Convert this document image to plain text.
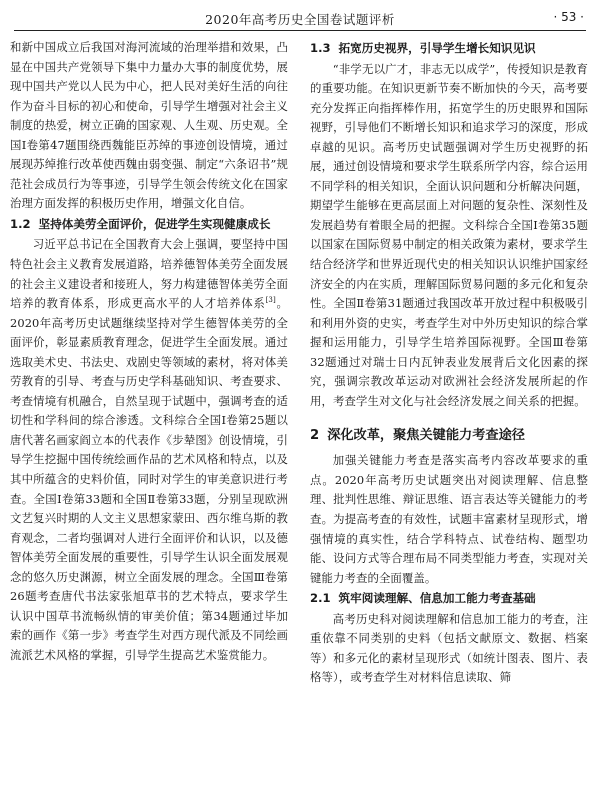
2020年高考历史全国卷试题评析	· 53 ·

和新中国成立后我国对海河流域的治理举措和效果，凸显在中国共产党领导下集中力量办大事的制度优势，展现中国共产党以人民为中心，把人民对美好生活的向往作为奋斗目标的初心和使命，引导学生增强对社会主义制度的热爱，树立正确的国家观、人生观、历史观。全国Ⅰ卷第47题围绕西魏能臣苏绰的事迹创设情境，通过展现苏绰推行改革使西魏由弱变强、制定“六条诏书”规范社会成员行为等事迹，引导学生领会传统文化在国家治理方面发挥的积极历史作用，增强文化自信。

1.2 坚持体美劳全面评价，促进学生实现健康成长

习近平总书记在全国教育大会上强调，要坚持中国特色社会主义教育发展道路，培养德智体美劳全面发展的社会主义建设者和接班人，努力构建德智体美劳全面培养的教育体系，形成更高水平的人才培养体系[3]。2020年高考历史试题继续坚持对学生德智体美劳的全面评价，彰显素质教育理念，促进学生全面发展。通过选取美术史、书法史、戏剧史等领域的素材，将对体美劳教育的引导、考查与历史学科基础知识、考查要求、考查情境有机融合，自然呈现于试题中，强调考查的适切性和学科间的综合渗透。文科综合全国Ⅰ卷第25题以唐代著名画家阎立本的代表作《步辇图》创设情境，引导学生挖掘中国传统绘画作品的艺术风格和特点，以及其中所蕴含的史料价值，同时对学生的审美意识进行考查。全国Ⅰ卷第33题和全国Ⅱ卷第33题，分别呈现欧洲文艺复兴时期的人文主义思想家蒙田、西尔维乌斯的教育观念，二者均强调对人进行全面评价和认识，以及德智体美劳全面发展的重要性，引导学生认识全面发展观念的悠久历史渊源，树立全面发展的理念。全国Ⅲ卷第26题考查唐代书法家张旭草书的艺术特点，要求学生认识中国草书流畅纵情的审美价值；第34题通过毕加索的画作《第一步》考查学生对西方现代派及不同绘画流派艺术风格的掌握，引导学生提高艺术鉴赏能力。

1.3 拓宽历史视界，引导学生增长知识见识

“非学无以广才，非志无以成学”，传授知识是教育的重要功能。在知识更新节奏不断加快的今天，高考要充分发挥正向指挥棒作用，拓宽学生的历史眼界和国际视野，引导他们不断增长知识和追求学习的深度，形成卓越的见识。高考历史试题强调对学生历史视野的拓展，通过创设情境和要求学生联系所学内容，综合运用不同学科的相关知识，全面认识问题和分析解决问题，期望学生能够在更高层面上对问题的复杂性、深刻性及发展趋势有着眼全局的把握。文科综合全国Ⅰ卷第35题以国家在国际贸易中制定的相关政策为素材，要求学生结合经济学和世界近现代史的相关知识认识维护国家经济安全的内在实质，理解国际贸易问题的多元化和复杂性。全国Ⅱ卷第31题通过我国改革开放过程中积极吸引和利用外资的史实，考查学生对中外历史知识的综合掌握和运用能力，引导学生培养国际视野。全国Ⅲ卷第32题通过对瑞士日内瓦钟表业发展背后文化因素的探究，强调宗教改革运动对欧洲社会经济发展所起的作用，考查学生对文化与社会经济发展之间关系的把握。

2 深化改革，聚焦关键能力考查途径

加强关键能力考查是落实高考内容改革要求的重点。2020年高考历史试题突出对阅读理解、信息整理、批判性思维、辩证思维、语言表达等关键能力的考查。为提高考查的有效性，试题丰富素材呈现形式，增强情境的真实性，结合学科特点、试卷结构、题型功能、设问方式等合理布局不同类型能力考查，实现对关键能力考查的全面覆盖。

2.1 筑牢阅读理解、信息加工能力考查基础

高考历史科对阅读理解和信息加工能力的考查，注重依靠不同类别的史料（包括文献原文、数据、档案等）和多元化的素材呈现形式（如统计图表、图片、表格等），或考查学生对材料信息读取、筛
